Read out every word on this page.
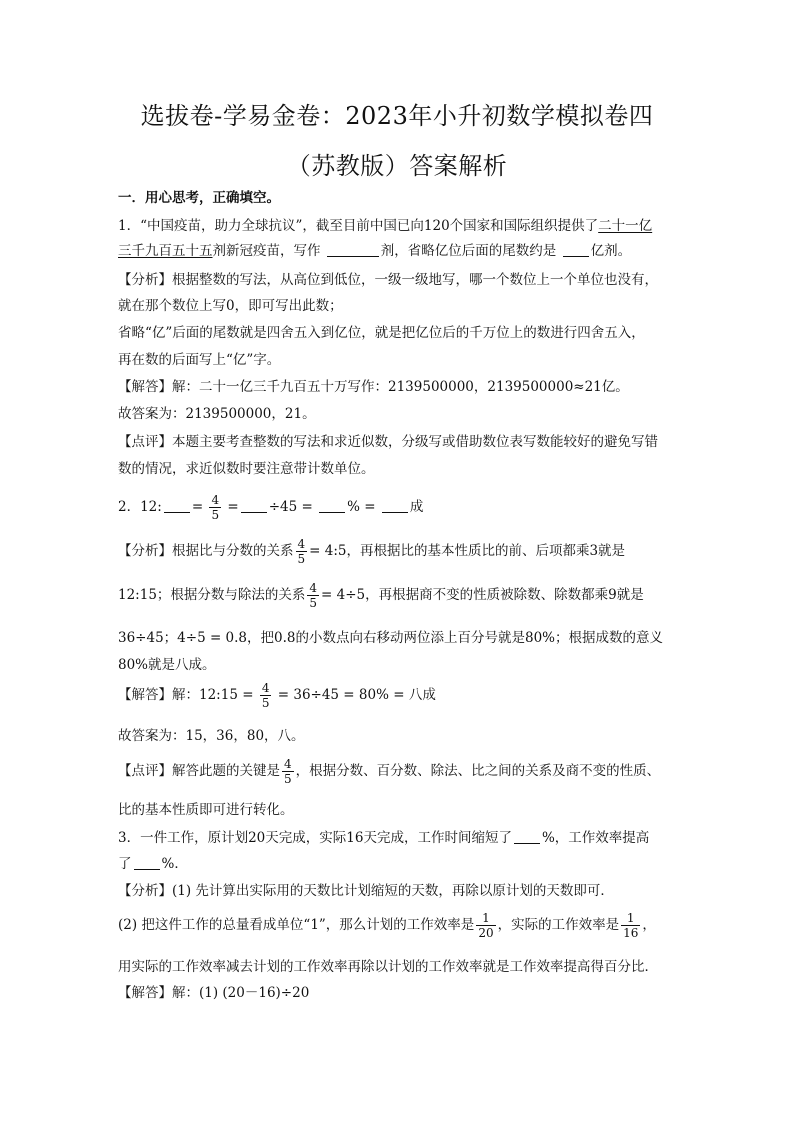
选拔卷-学易金卷：2023年小升初数学模拟卷四
（苏教版）答案解析
一．用心思考，正确填空。
1．“中国疫苗，助力全球抗议”，截至目前中国已向120个国家和国际组织提供了二十一亿
三千九百五十五剂新冠疫苗，写作	剂，省略亿位后面的尾数约是	亿剂。
【分析】根据整数的写法，从高位到低位，一级一级地写，哪一个数位上一个单位也没有，
就在那个数位上写0，即可写出此数；
省略“亿”后面的尾数就是四舍五入到亿位，就是把亿位后的千万位上的数进行四舍五入，
再在数的后面写上“亿”字。
【解答】解：二十一亿三千九百五十万写作：2139500000，2139500000≈21亿。
故答案为：2139500000，21。
【点评】本题主要考查整数的写法和求近似数，分级写或借助数位表写数能较好的避免写错
数的情况，求近似数时要注意带计数单位。
2．12: = $\frac{4}{5} = \div 45$ =	% =	成
【分析】根据比与分数的关系 $\frac{4}{5}$ = 4:5，再根据比的基本性质比的前、后项都乘3就是
12:15；根据分数与除法的关系 $\frac{4}{5} = 4\div 5$，再根据商不变的性质被除数、除数都乘9就是
36÷45；4÷5 = 0.8，把0.8的小数点向右移动两位添上百分号就是80%；根据成数的意义
80%就是八成。
【解答】解：12:15 = $\frac{4}{5} = 36\div 45 = 80\%$ = 八成
故答案为：15，36，80，八。
【点评】解答此题的关键是 $\frac{4}{5}$ ，根据分数、百分数、除法、比之间的关系及商不变的性质、
比的基本性质即可进行转化。
3．一件工作，原计划20天完成，实际16天完成，工作时间缩短了 %，工作效率提高
了 %．
【分析】(1) 先计算出实际用的天数比计划缩短的天数，再除以原计划的天数即可．
(2) 把这件工作的总量看成单位“1”，那么计划的工作效率是 $\frac{1}{20}$ ，实际的工作效率是 $\frac{1}{16}$ ，
用实际的工作效率减去计划的工作效率再除以计划的工作效率就是工作效率提高得百分比．
【解答】解：(1) (20－16)÷20
